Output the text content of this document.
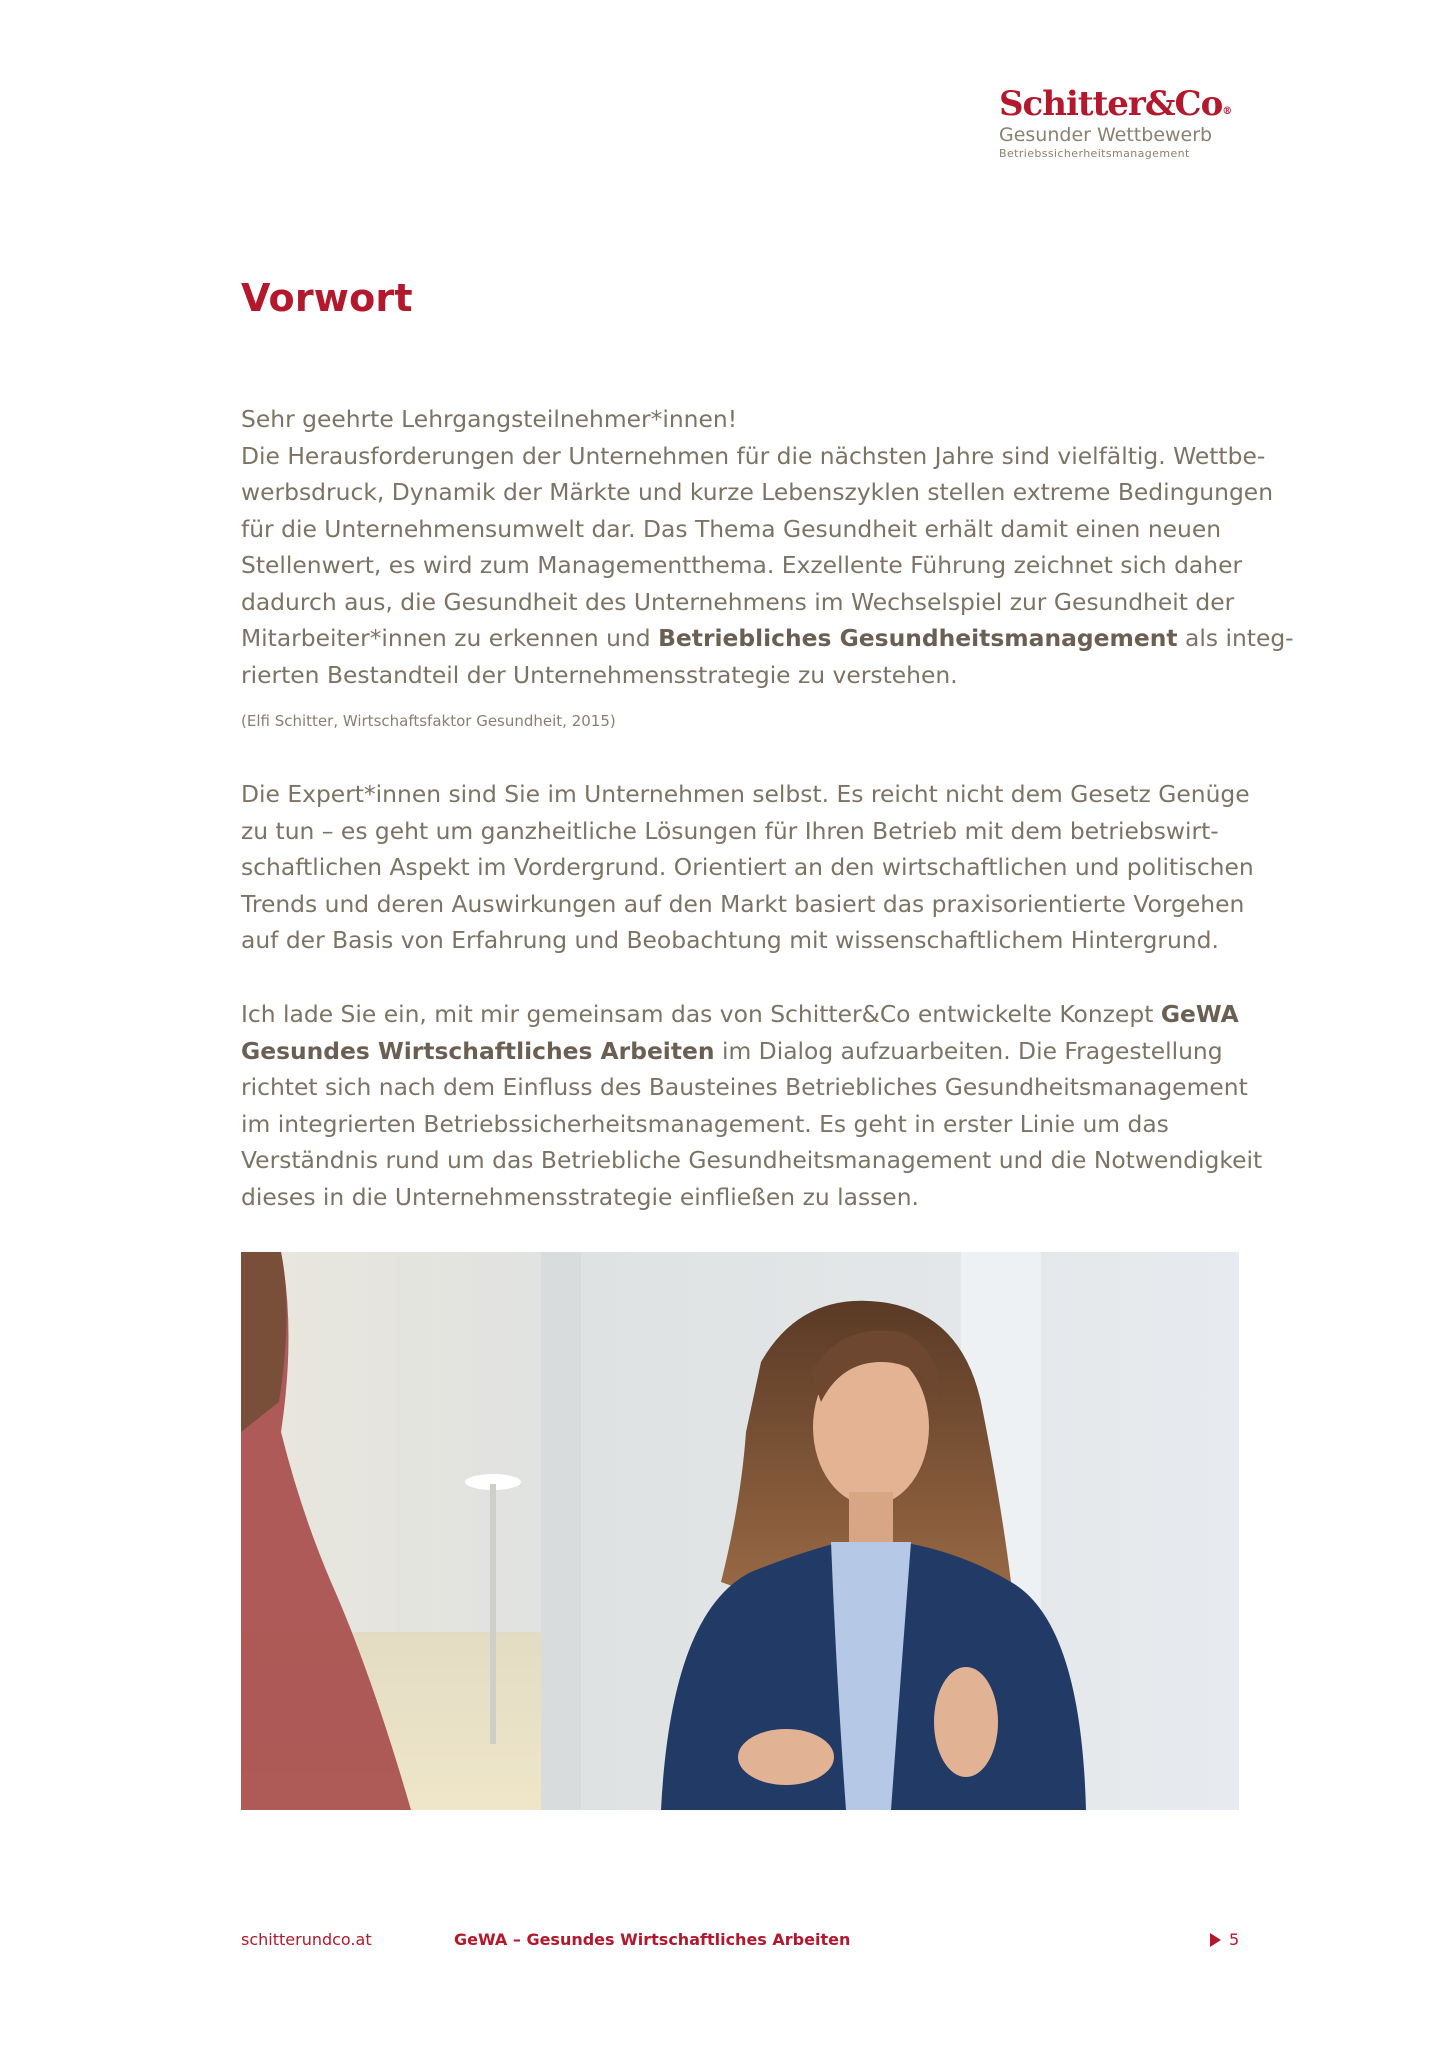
Schitter&Co®
Gesunder Wettbewerb
Betriebssicherheitsmanagement
Vorwort

Sehr geehrte Lehrgangsteilnehmer*innen!

Die Herausforderungen der Unternehmen für die nächsten Jahre sind vielfältig. Wettbe-

werbsdruck, Dynamik der Märkte und kurze Lebenszyklen stellen extreme Bedingungen

für die Unternehmensumwelt dar. Das Thema Gesundheit erhält damit einen neuen

Stellenwert, es wird zum Managementthema. Exzellente Führung zeichnet sich daher

dadurch aus, die Gesundheit des Unternehmens im Wechselspiel zur Gesundheit der

Mitarbeiter*innen zu erkennen und Betriebliches Gesundheitsmanagement als integ-

rierten Bestandteil der Unternehmensstrategie zu verstehen.

(Elfi Schitter, Wirtschaftsfaktor Gesundheit, 2015)

Die Expert*innen sind Sie im Unternehmen selbst. Es reicht nicht dem Gesetz Genüge

zu tun – es geht um ganzheitliche Lösungen für Ihren Betrieb mit dem betriebswirt-

schaftlichen Aspekt im Vordergrund. Orientiert an den wirtschaftlichen und politischen

Trends und deren Auswirkungen auf den Markt basiert das praxisorientierte Vorgehen

auf der Basis von Erfahrung und Beobachtung mit wissenschaftlichem Hintergrund.

Ich lade Sie ein, mit mir gemeinsam das von Schitter&Co entwickelte Konzept GeWA

Gesundes Wirtschaftliches Arbeiten im Dialog aufzuarbeiten. Die Fragestellung

richtet sich nach dem Einfluss des Bausteines Betriebliches Gesundheitsmanagement

im integrierten Betriebssicherheitsmanagement. Es geht in erster Linie um das

Verständnis rund um das Betriebliche Gesundheitsmanagement und die Notwendigkeit

dieses in die Unternehmensstrategie einfließen zu lassen.

schitterundco.at	GeWA – Gesundes Wirtschaftliches Arbeiten	5
